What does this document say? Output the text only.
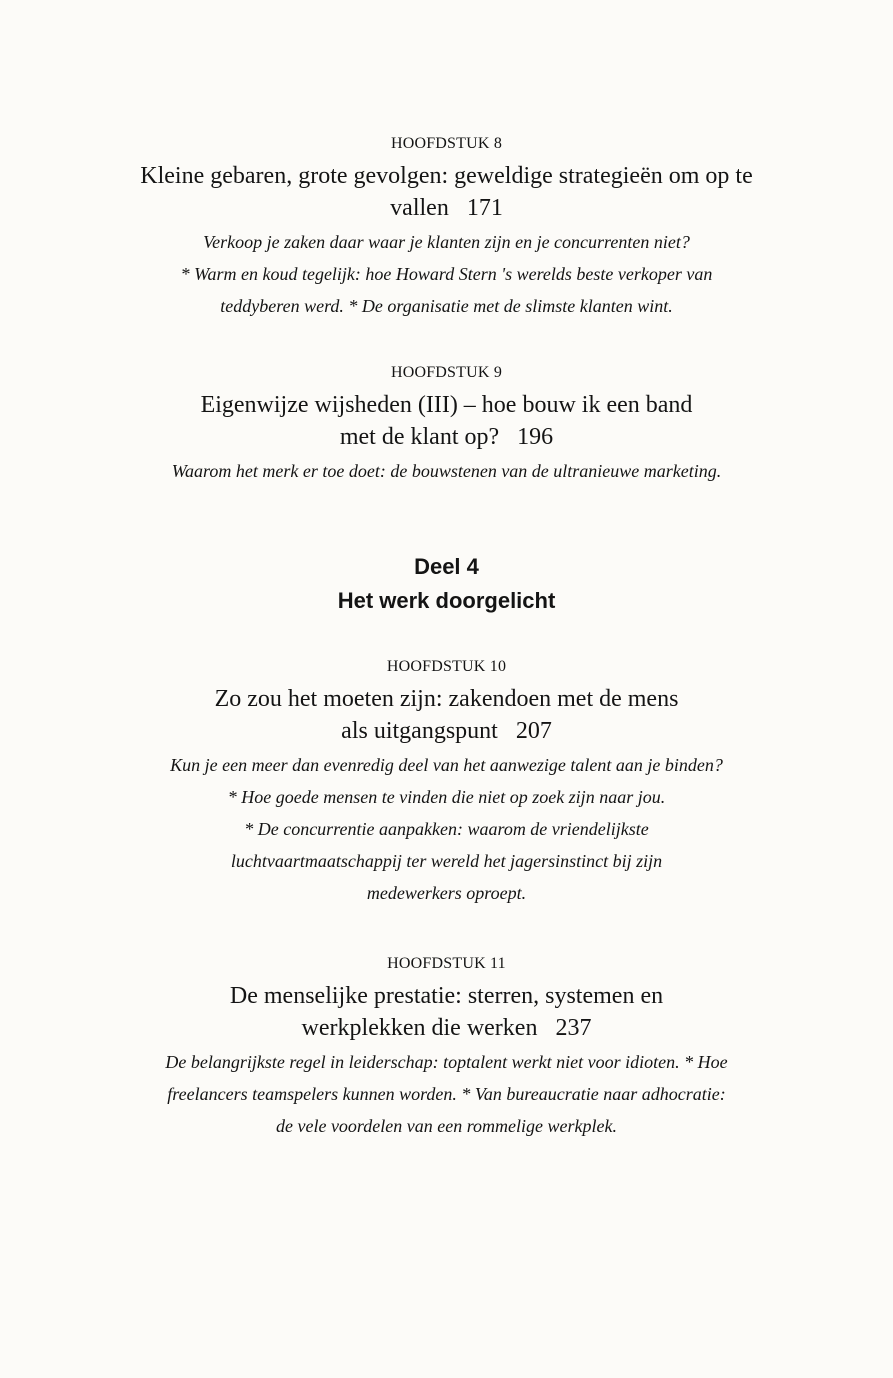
HOOFDSTUK 8
Kleine gebaren, grote gevolgen: geweldige strategieën om op te
vallen 171
Verkoop je zaken daar waar je klanten zijn en je concurrenten niet?
* Warm en koud tegelijk: hoe Howard Stern 's werelds beste verkoper van
teddyberen werd. * De organisatie met de slimste klanten wint.
HOOFDSTUK 9
Eigenwijze wijsheden (III) – hoe bouw ik een band
met de klant op? 196
Waarom het merk er toe doet: de bouwstenen van de ultranieuwe marketing.
Deel 4
Het werk doorgelicht
HOOFDSTUK 10
Zo zou het moeten zijn: zakendoen met de mens
als uitgangspunt 207
Kun je een meer dan evenredig deel van het aanwezige talent aan je binden?
* Hoe goede mensen te vinden die niet op zoek zijn naar jou.
* De concurrentie aanpakken: waarom de vriendelijkste
luchtvaartmaatschappij ter wereld het jagersinstinct bij zijn
medewerkers oproept.
HOOFDSTUK 11
De menselijke prestatie: sterren, systemen en
werkplekken die werken 237
De belangrijkste regel in leiderschap: toptalent werkt niet voor idioten. * Hoe
freelancers teamspelers kunnen worden. * Van bureaucratie naar adhocratie:
de vele voordelen van een rommelige werkplek.
